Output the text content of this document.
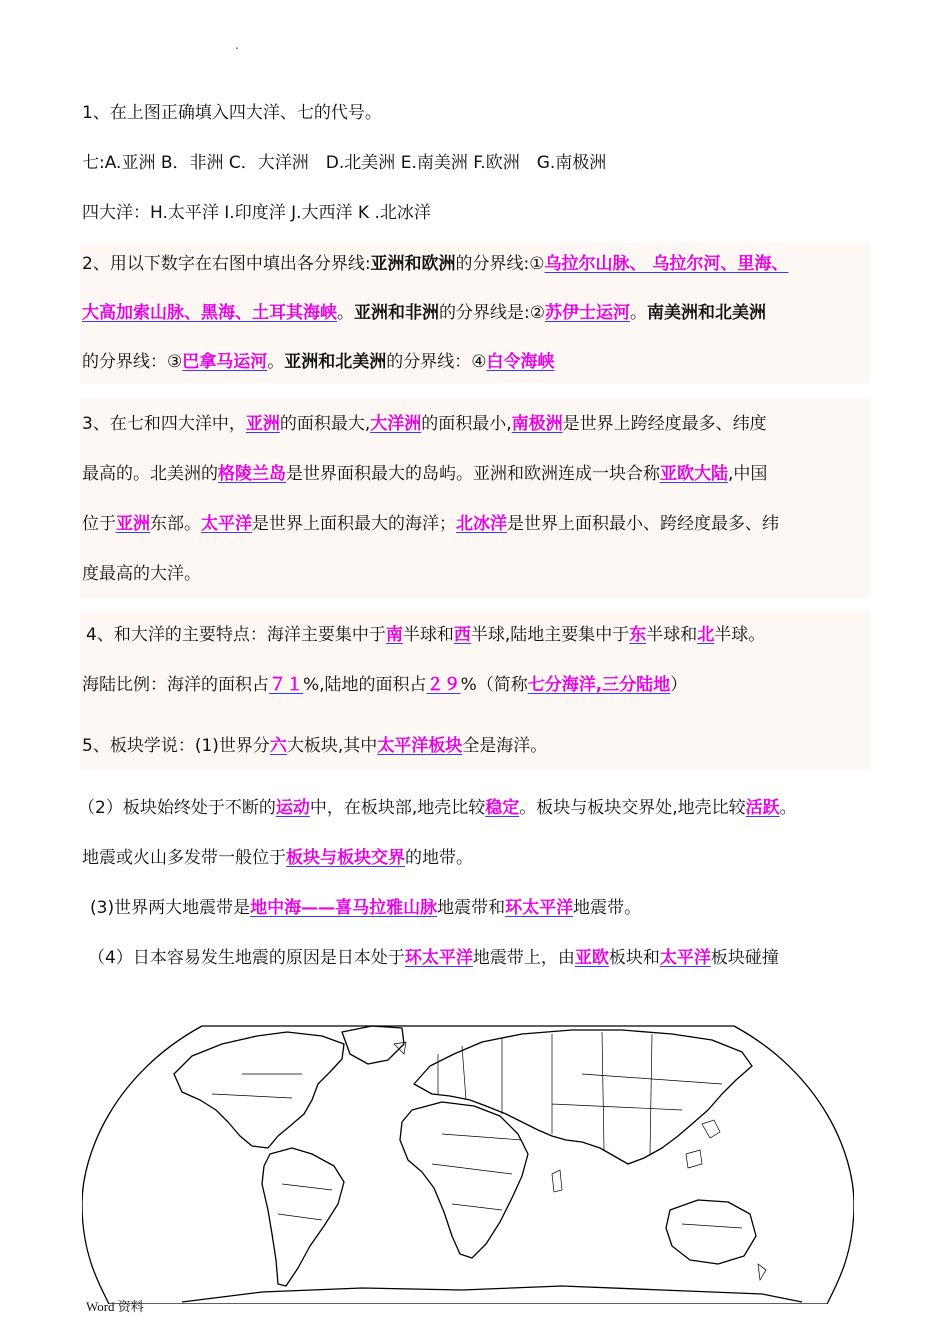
.
1、在上图正确填入四大洋、七的代号。
七:A.亚洲 B．非洲 C．大洋洲　D.北美洲 E.南美洲 F.欧洲　G.南极洲
四大洋：H.太平洋 I.印度洋 J.大西洋 K .北冰洋
2、用以下数字在右图中填出各分界线:亚洲和欧洲的分界线:①乌拉尔山脉、 乌拉尔河、里海、
大高加索山脉、黑海、土耳其海峡。亚洲和非洲的分界线是:②苏伊士运河。南美洲和北美洲
的分界线：③巴拿马运河。亚洲和北美洲的分界线：④白令海峡
3、在七和四大洋中，亚洲的面积最大,大洋洲的面积最小,南极洲是世界上跨经度最多、纬度
最高的。北美洲的格陵兰岛是世界面积最大的岛屿。亚洲和欧洲连成一块合称亚欧大陆,中国
位于亚洲东部。太平洋是世界上面积最大的海洋；北冰洋是世界上面积最小、跨经度最多、纬
度最高的大洋。
4、和大洋的主要特点：海洋主要集中于南半球和西半球,陆地主要集中于东半球和北半球。
海陆比例：海洋的面积占７１%,陆地的面积占２９%（简称七分海洋,三分陆地）
5、板块学说：(1)世界分六大板块,其中太平洋板块全是海洋。
（2）板块始终处于不断的运动中，在板块部,地壳比较稳定。板块与板块交界处,地壳比较活跃。
地震或火山多发带一般位于板块与板块交界的地带。
(3)世界两大地震带是地中海——喜马拉雅山脉地震带和环太平洋地震带。
（4）日本容易发生地震的原因是日本处于环太平洋地震带上，由亚欧板块和太平洋板块碰撞
Word 资料
